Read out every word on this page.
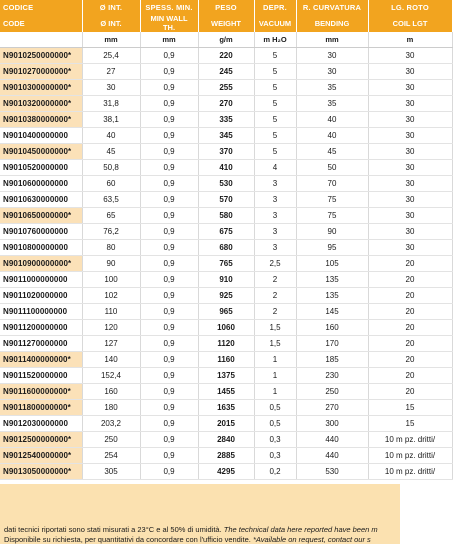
CODICE	Ø INT.	SPESS. MIN.	PESO	DEPR.	R. CURVATURA	LG. ROTO
CODE	Ø INT.	MIN WALL TH.	WEIGHT	VACUUM	BENDING	COIL LGT
	mm	mm	g/m	m H₂O	mm	m
N9010250000000*	25,4	0,9	220	5	30	30
N9010270000000*	27	0,9	245	5	30	30
N9010300000000*	30	0,9	255	5	35	30
N9010320000000*	31,8	0,9	270	5	35	30
N9010380000000*	38,1	0,9	335	5	40	30
N9010400000000	40	0,9	345	5	40	30
N9010450000000*	45	0,9	370	5	45	30
N9010520000000	50,8	0,9	410	4	50	30
N9010600000000	60	0,9	530	3	70	30
N9010630000000	63,5	0,9	570	3	75	30
N9010650000000*	65	0,9	580	3	75	30
N9010760000000	76,2	0,9	675	3	90	30
N9010800000000	80	0,9	680	3	95	30
N9010900000000*	90	0,9	765	2,5	105	20
N9011000000000	100	0,9	910	2	135	20
N9011020000000	102	0,9	925	2	135	20
N9011100000000	110	0,9	965	2	145	20
N9011200000000	120	0,9	1060	1,5	160	20
N9011270000000	127	0,9	1120	1,5	170	20
N9011400000000*	140	0,9	1160	1	185	20
N9011520000000	152,4	0,9	1375	1	230	20
N9011600000000*	160	0,9	1455	1	250	20
N9011800000000*	180	0,9	1635	0,5	270	15
N9012030000000	203,2	0,9	2015	0,5	300	15
N9012500000000*	250	0,9	2840	0,3	440	10 m pz. dritti/
N9012540000000*	254	0,9	2885	0,3	440	10 m pz. dritti/
N9013050000000*	305	0,9	4295	0,2	530	10 m pz. dritti/
dati tecnici riportati sono stati misurati a 23°C e al 50% di umidità. The technical data here reported have been m
Disponibile su richiesta, per quantitativi da concordare con l'ufficio vendite. *Available on request, contact our s
